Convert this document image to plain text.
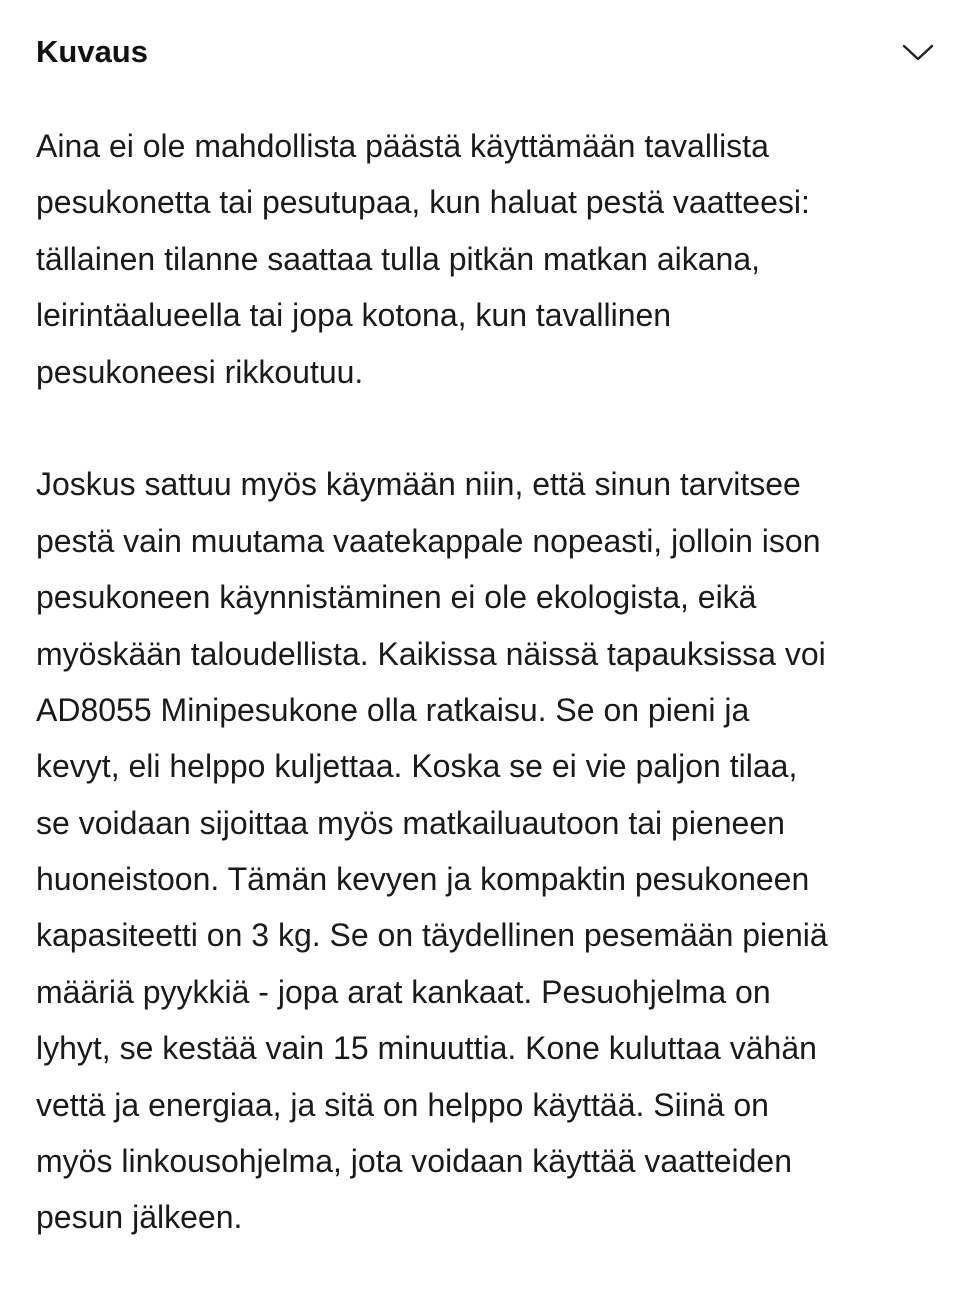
Kuvaus
Aina ei ole mahdollista päästä käyttämään tavallista
pesukonetta tai pesutupaa, kun haluat pestä vaatteesi:
tällainen tilanne saattaa tulla pitkän matkan aikana,
leirintäalueella tai jopa kotona, kun tavallinen
pesukoneesi rikkoutuu.
Joskus sattuu myös käymään niin, että sinun tarvitsee
pestä vain muutama vaatekappale nopeasti, jolloin ison
pesukoneen käynnistäminen ei ole ekologista, eikä
myöskään taloudellista. Kaikissa näissä tapauksissa voi
AD8055 Minipesukone olla ratkaisu. Se on pieni ja
kevyt, eli helppo kuljettaa. Koska se ei vie paljon tilaa,
se voidaan sijoittaa myös matkailuautoon tai pieneen
huoneistoon. Tämän kevyen ja kompaktin pesukoneen
kapasiteetti on 3 kg. Se on täydellinen pesemään pieniä
määriä pyykkiä - jopa arat kankaat. Pesuohjelma on
lyhyt, se kestää vain 15 minuuttia. Kone kuluttaa vähän
vettä ja energiaa, ja sitä on helppo käyttää. Siinä on
myös linkousohjelma, jota voidaan käyttää vaatteiden
pesun jälkeen.
